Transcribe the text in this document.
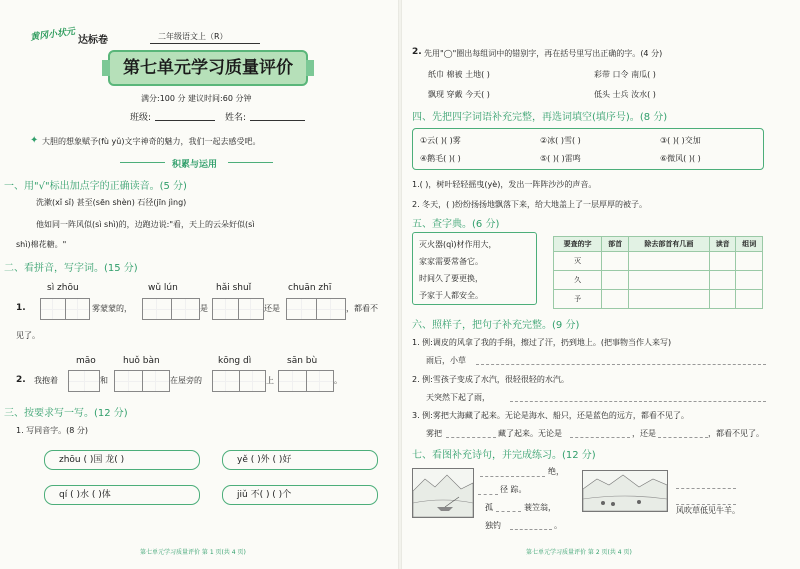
黄冈小状元 达标卷	二年级语文上（R）
第七单元学习质量评价
满分:100 分 建议时间:60 分钟
班级:	姓名:
✦ 大胆的想象赋予(fù yǔ)文字神奇的魅力，我们一起去感受吧。
积累与运用
一、用"√"标出加点字的正确读音。(5 分)
洗漱(xǐ sǐ) 甚至(sēn shèn) 石径(jīn jìng)
他如同一阵风似(sì shì)的，边跑边说:"看，天上的云朵好似(sì
shì)棉花糖。"
二、看拼音，写字词。(15 分)
sì zhōu	wǔ lún	hǎi shuǐ	chuān zhī
1.	雾蒙蒙的，	是	还是	，都看不
见了。
māo	huǒ bàn	kōng dì	sān bù
2. 我抱着	和	在屋旁的	上	。
三、按要求写一写。(12 分)
1. 写同音字。(8 分)
zhōu ( )国 龙( )	yě ( )外 ( )好
qí ( )水 ( )体	jiǔ 不( ) ( )个
第七单元学习质量评价 第 1 页(共 4 页)
2. 先用"◯"圈出每组词中的错别字，再在括号里写出正确的字。(4 分)
纸巾 棉被 土地( )	彩带 口令 南瓜( )
飘现 穿戴 今天( )	低头 士兵 汝水( )
四、先把四字词语补充完整，再选词填空(填序号)。(8 分)
①云( )( )雾	②冰( )雪( )	③( )( )交加
④鹅毛( )( )	⑤( )( )雷鸣	⑥微风( )( )
1.( )，树叶轻轻摇曳(yè)，发出一阵阵沙沙的声音。
2. 冬天，( )纷纷扬扬地飘落下来，给大地盖上了一层厚厚的被子。
五、查字典。(6 分)
灭火器(qì)材作用大，
家家需要常备它。
时间久了要更换，
予家于人都安全。
要查的字	部首	除去部首有几画	读音	组词
灭				
久				
予				
六、照样子，把句子补充完整。(9 分)
1. 例:调皮的风拿了我的手绢，擦过了汗，扔到地上。(把事物当作人来写)
雨后，小草
2. 例:雪孩子变成了水汽，很轻很轻的水汽。
天突然下起了雨，
3. 例:雾把大海藏了起来。无论是海水、船只，还是蓝色的远方，都看不见了。
雾把	藏了起来。无论是	，还是	，都看不见了。
七、看图补充诗句，并完成练习。(12 分)
绝，
径 踪。
孤	蓑笠翁，
独钓	。
风吹草低见牛羊。
第七单元学习质量评价 第 2 页(共 4 页)
